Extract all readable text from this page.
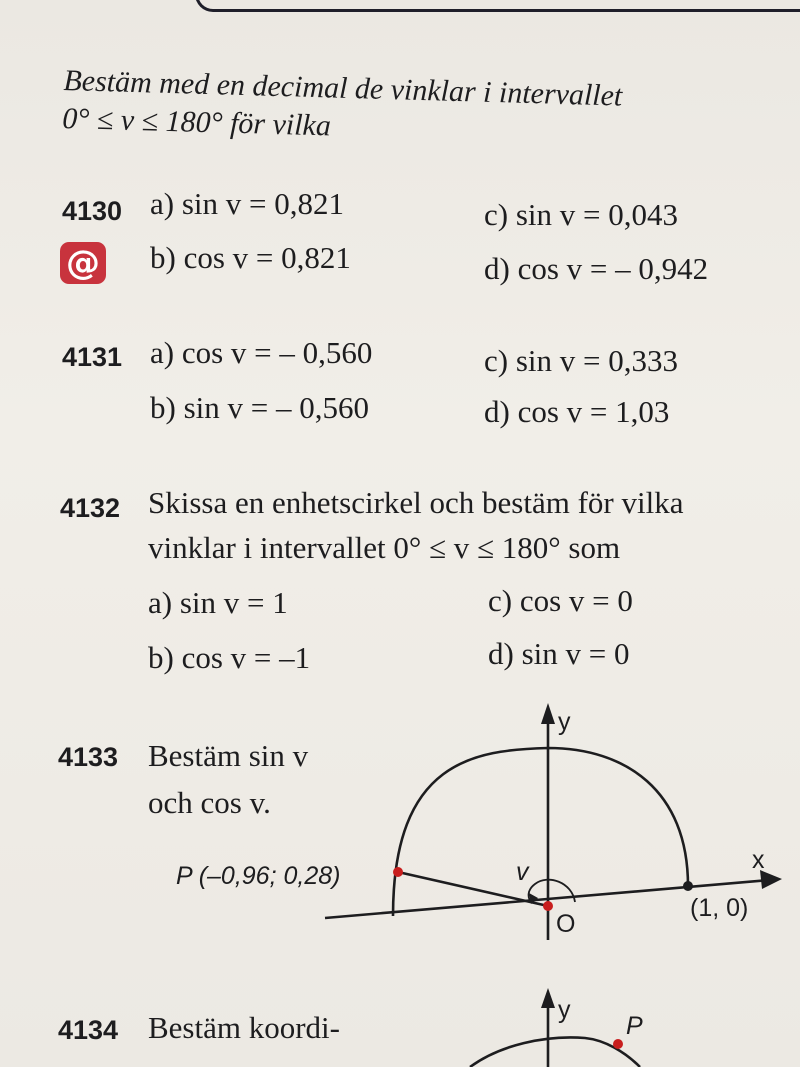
Bestäm med en decimal de vinklar i intervallet
0° ≤ v ≤ 180° för vilka
4130
@
a) sin v = 0,821
b) cos v = 0,821
c) sin v = 0,043
d) cos v = – 0,942
4131 a) cos v = – 0,560
b) sin v = – 0,560
c) sin v = 0,333
d) cos v = 1,03
4132 Skissa en enhetscirkel och bestäm för vilka
vinklar i intervallet 0° ≤ v ≤ 180° som
a) sin v = 1
b) cos v = –1
c) cos v = 0
d) sin v = 0
4133 Bestäm sin v
och cos v.
4134 Bestäm koordi-
P (–0,96; 0,28)
y
x
v
O
(1, 0)
y
P
